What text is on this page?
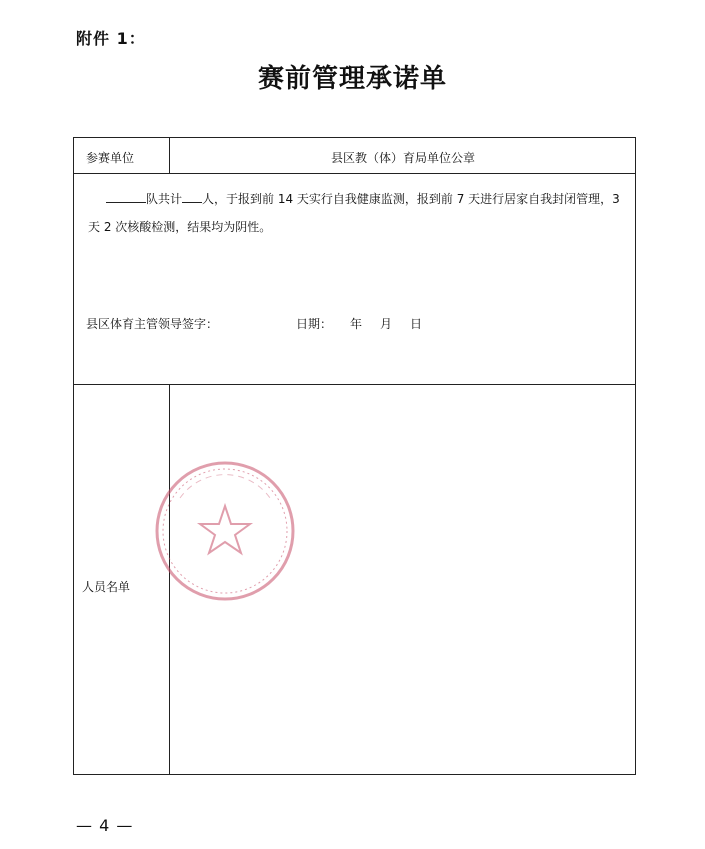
附件 1：
赛前管理承诺单
参赛单位	县区教（体）育局单位公章
队共计 人，于报到前 14 天实行自我健康监测，报到前 7 天进行居家自我封闭管理，3 天 2 次核酸检测，结果均为阴性。
县区体育主管领导签字：	日期： 年 月 日
人员名单
— 4 —
